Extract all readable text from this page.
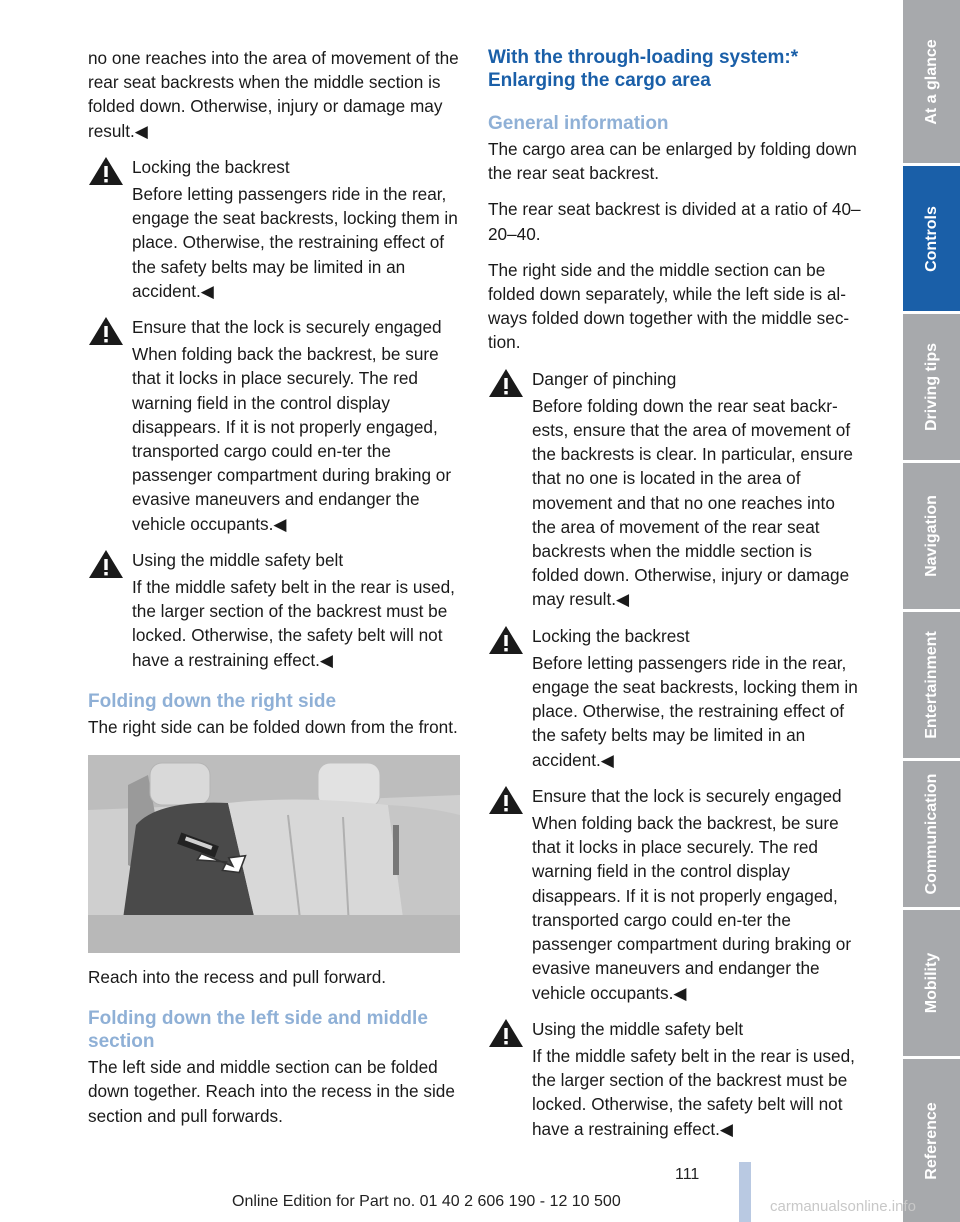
no one reaches into the area of movement of the rear seat backrests when the middle section is folded down. Otherwise, injury or damage may result.◀

Locking the backrest
Before letting passengers ride in the rear, engage the seat backrests, locking them in place. Otherwise, the restraining effect of the safety belts may be limited in an accident.◀
Ensure that the lock is securely engaged
When folding back the backrest, be sure that it locks in place securely. The red warning field in the control display disappears. If it is not properly engaged, transported cargo could en‐ter the passenger compartment during braking or evasive maneuvers and endanger the vehicle occupants.◀
Using the middle safety belt
If the middle safety belt in the rear is used, the larger section of the backrest must be locked. Otherwise, the safety belt will not have a restraining effect.◀
Folding down the right side

The right side can be folded down from the front.

Reach into the recess and pull forward.

Folding down the left side and middle section

The left side and middle section can be folded down together. Reach into the recess in the side section and pull forwards.

With the through-loading system:* Enlarging the cargo area
General information

The cargo area can be enlarged by folding down the rear seat backrest.

The rear seat backrest is divided at a ratio of 40–20–40.

The right side and the middle section can be folded down separately, while the left side is al‐ways folded down together with the middle sec‐tion.

Danger of pinching
Before folding down the rear seat backr‐ests, ensure that the area of movement of the backrests is clear. In particular, ensure that no one is located in the area of movement and that no one reaches into the area of movement of the rear seat backrests when the middle section is folded down. Otherwise, injury or damage may result.◀
Locking the backrest
Before letting passengers ride in the rear, engage the seat backrests, locking them in place. Otherwise, the restraining effect of the safety belts may be limited in an accident.◀
Ensure that the lock is securely engaged
When folding back the backrest, be sure that it locks in place securely. The red warning field in the control display disappears. If it is not properly engaged, transported cargo could en‐ter the passenger compartment during braking or evasive maneuvers and endanger the vehicle occupants.◀
Using the middle safety belt
If the middle safety belt in the rear is used, the larger section of the backrest must be locked. Otherwise, the safety belt will not have a restraining effect.◀
At a glance
Controls
Driving tips
Navigation
Entertainment
Communication
Mobility
Reference
111
Online Edition for Part no. 01 40 2 606 190 - 12 10 500	carmanualsonline.info
